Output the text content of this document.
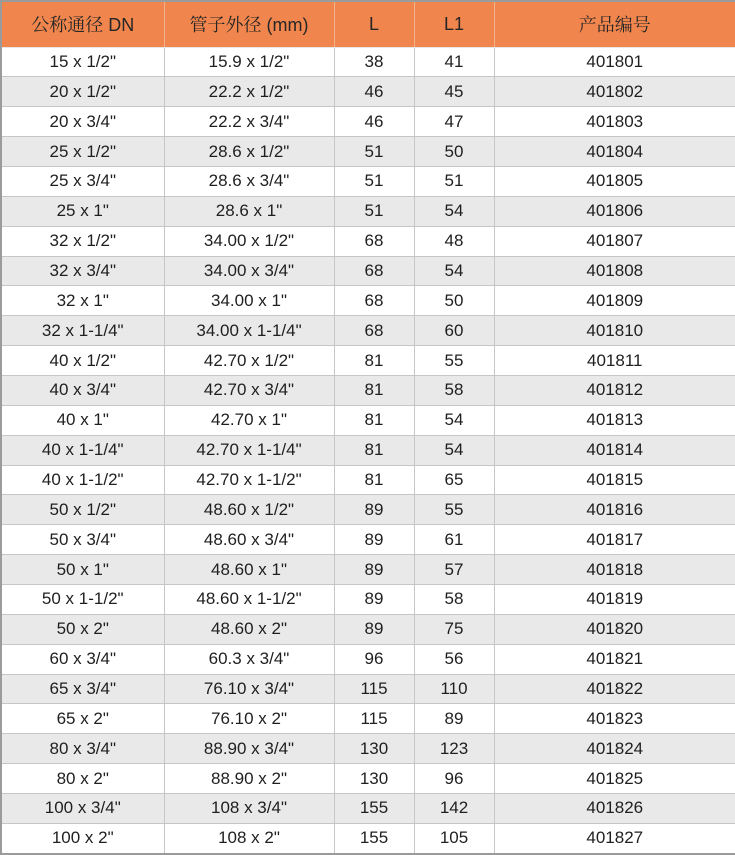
公称通径 DN	管子外径 (mm)	L	L1	产品编号
15 x 1/2"	15.9 x 1/2"	38	41	401801
20 x 1/2"	22.2 x 1/2"	46	45	401802
20 x 3/4"	22.2 x 3/4"	46	47	401803
25 x 1/2"	28.6 x 1/2"	51	50	401804
25 x 3/4"	28.6 x 3/4"	51	51	401805
25 x 1"	28.6 x 1"	51	54	401806
32 x 1/2"	34.00 x 1/2"	68	48	401807
32 x 3/4"	34.00 x 3/4"	68	54	401808
32 x 1"	34.00 x 1"	68	50	401809
32 x 1-1/4"	34.00 x 1-1/4"	68	60	401810
40 x 1/2"	42.70 x 1/2"	81	55	401811
40 x 3/4"	42.70 x 3/4"	81	58	401812
40 x 1"	42.70 x 1"	81	54	401813
40 x 1-1/4"	42.70 x 1-1/4"	81	54	401814
40 x 1-1/2"	42.70 x 1-1/2"	81	65	401815
50 x 1/2"	48.60 x 1/2"	89	55	401816
50 x 3/4"	48.60 x 3/4"	89	61	401817
50 x 1"	48.60 x 1"	89	57	401818
50 x 1-1/2"	48.60 x 1-1/2"	89	58	401819
50 x 2"	48.60 x 2"	89	75	401820
60 x 3/4"	60.3 x 3/4"	96	56	401821
65 x 3/4"	76.10 x 3/4"	115	110	401822
65 x 2"	76.10 x 2"	115	89	401823
80 x 3/4"	88.90 x 3/4"	130	123	401824
80 x 2"	88.90 x 2"	130	96	401825
100 x 3/4"	108 x 3/4"	155	142	401826
100 x 2"	108 x 2"	155	105	401827
